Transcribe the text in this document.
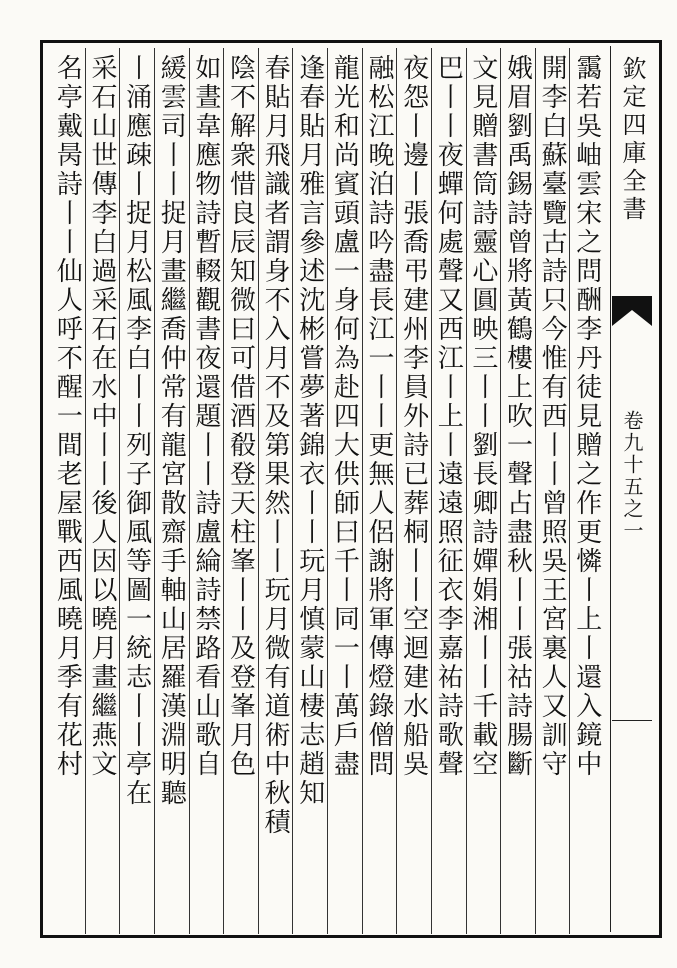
欽定四庫全書
卷九十五之一
靄若吳岫雲宋之問酬李丹徒見贈之作更憐丨上丨還入鏡中
開李白蘇臺覽古詩只今惟有西丨丨曾照吳王宮裏人又訓守
娥眉劉禹錫詩曾將黃鶴樓上吹一聲占盡秋丨丨張祜詩腸斷
文見贈書筒詩靈心圓映三丨丨劉長卿詩嬋娟湘丨丨千載空
巴丨丨夜蟬何處聲又西江丨上丨遠遠照征衣李嘉祐詩歌聲
夜怨丨邊丨張喬弔建州李員外詩已葬桐丨丨空迴建水船吳
融松江晚泊詩吟盡長江一丨丨更無人侶謝將軍傳燈錄僧問
龍光和尚賓頭盧一身何為赴四大供師曰千丨同一丨萬戶盡
逢春貼月雅言參述沈彬嘗夢著錦衣丨丨玩月慎蒙山棲志趙知
春貼月飛識者謂身不入月不及第果然丨丨玩月微有道術中秋積
陰不解衆惜良辰知微曰可借酒殽登天柱峯丨丨及登峯月色
如晝韋應物詩暫輟觀書夜還題丨丨詩盧綸詩禁路看山歌自
緩雲司丨丨捉月畫繼喬仲常有龍宮散齋手軸山居羅漢淵明聽
丨涌應疎丨捉月松風李白丨丨列子御風等圖一統志丨丨亭在
采石山世傳李白過采石在水中丨丨後人因以曉月畫繼燕文
名亭戴昺詩丨丨仙人呼不醒一間老屋戰西風曉月季有花村
